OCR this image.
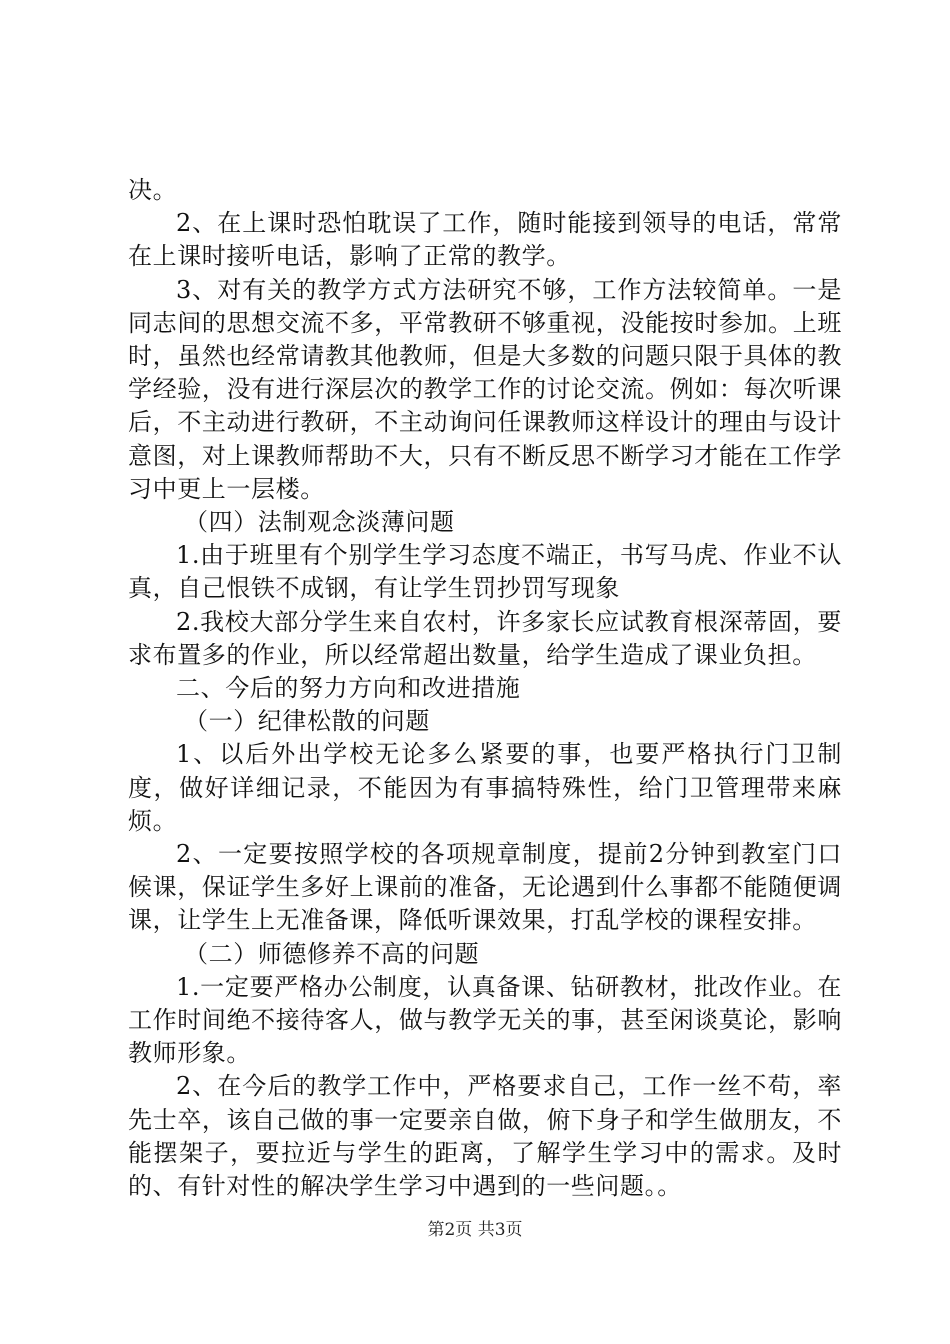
决。

2、在上课时恐怕耽误了工作，随时能接到领导的电话，常常在上课时接听电话，影响了正常的教学。

3、对有关的教学方式方法研究不够，工作方法较简单。一是同志间的思想交流不多，平常教研不够重视，没能按时参加。上班时，虽然也经常请教其他教师，但是大多数的问题只限于具体的教学经验，没有进行深层次的教学工作的讨论交流。例如：每次听课后，不主动进行教研，不主动询问任课教师这样设计的理由与设计意图，对上课教师帮助不大，只有不断反思不断学习才能在工作学习中更上一层楼。

（四）法制观念淡薄问题

1.由于班里有个别学生学习态度不端正，书写马虎、作业不认真，自己恨铁不成钢，有让学生罚抄罚写现象

2.我校大部分学生来自农村，许多家长应试教育根深蒂固，要求布置多的作业，所以经常超出数量，给学生造成了课业负担。

二、今后的努力方向和改进措施

（一）纪律松散的问题

1、以后外出学校无论多么紧要的事，也要严格执行门卫制度，做好详细记录，不能因为有事搞特殊性，给门卫管理带来麻烦。

2、一定要按照学校的各项规章制度，提前2分钟到教室门口候课，保证学生多好上课前的准备，无论遇到什么事都不能随便调课，让学生上无准备课，降低听课效果，打乱学校的课程安排。

（二）师德修养不高的问题

1.一定要严格办公制度，认真备课、钻研教材，批改作业。在工作时间绝不接待客人，做与教学无关的事，甚至闲谈莫论，影响教师形象。

2、在今后的教学工作中，严格要求自己，工作一丝不苟，率先士卒，该自己做的事一定要亲自做，俯下身子和学生做朋友，不能摆架子，要拉近与学生的距离，了解学生学习中的需求。及时的、有针对性的解决学生学习中遇到的一些问题。。

第2页 共3页
